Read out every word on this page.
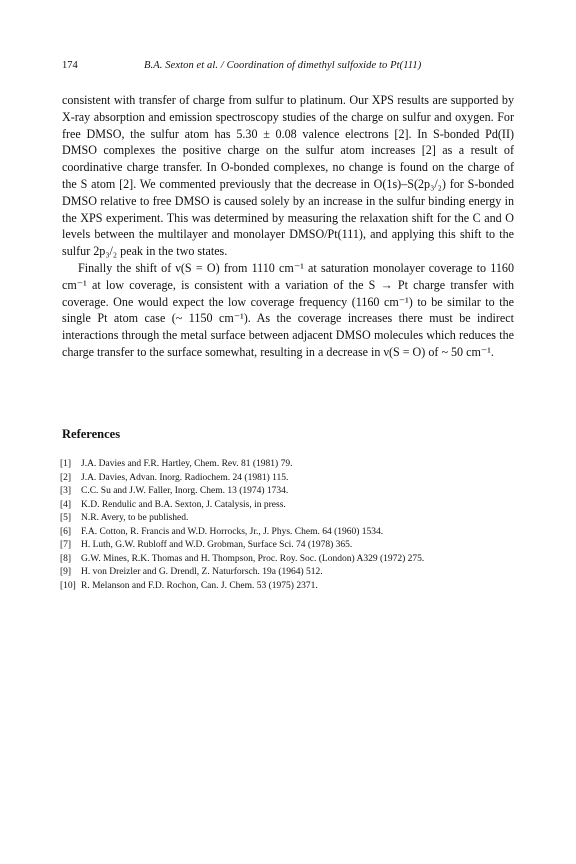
174	B.A. Sexton et al. / Coordination of dimethyl sulfoxide to Pt(111)

consistent with transfer of charge from sulfur to platinum. Our XPS results are supported by X-ray absorption and emission spectroscopy studies of the charge on sulfur and oxygen. For free DMSO, the sulfur atom has 5.30 ± 0.08 valence electrons [2]. In S-bonded Pd(II) DMSO complexes the positive charge on the sulfur atom increases [2] as a result of coordinative charge transfer. In O-bonded complexes, no change is found on the charge of the S atom [2]. We commented previously that the decrease in O(1s)–S(2p₃/₂) for S-bonded DMSO relative to free DMSO is caused solely by an increase in the sulfur binding energy in the XPS experiment. This was determined by measuring the relaxation shift for the C and O levels between the multilayer and monolayer DMSO/Pt(111), and applying this shift to the sulfur 2p₃/₂ peak in the two states.

Finally the shift of ν(S = O) from 1110 cm⁻¹ at saturation monolayer coverage to 1160 cm⁻¹ at low coverage, is consistent with a variation of the S → Pt charge transfer with coverage. One would expect the low coverage frequency (1160 cm⁻¹) to be similar to the single Pt atom case (~ 1150 cm⁻¹). As the coverage increases there must be indirect interactions through the metal surface between adjacent DMSO molecules which reduces the charge transfer to the surface somewhat, resulting in a decrease in ν(S = O) of ~ 50 cm⁻¹.

References
[1] J.A. Davies and F.R. Hartley, Chem. Rev. 81 (1981) 79.
[2] J.A. Davies, Advan. Inorg. Radiochem. 24 (1981) 115.
[3] C.C. Su and J.W. Faller, Inorg. Chem. 13 (1974) 1734.
[4] K.D. Rendulic and B.A. Sexton, J. Catalysis, in press.
[5] N.R. Avery, to be published.
[6] F.A. Cotton, R. Francis and W.D. Horrocks, Jr., J. Phys. Chem. 64 (1960) 1534.
[7] H. Luth, G.W. Rubloff and W.D. Grobman, Surface Sci. 74 (1978) 365.
[8] G.W. Mines, R.K. Thomas and H. Thompson, Proc. Roy. Soc. (London) A329 (1972) 275.
[9] H. von Dreizler and G. Drendl, Z. Naturforsch. 19a (1964) 512.
[10] R. Melanson and F.D. Rochon, Can. J. Chem. 53 (1975) 2371.
